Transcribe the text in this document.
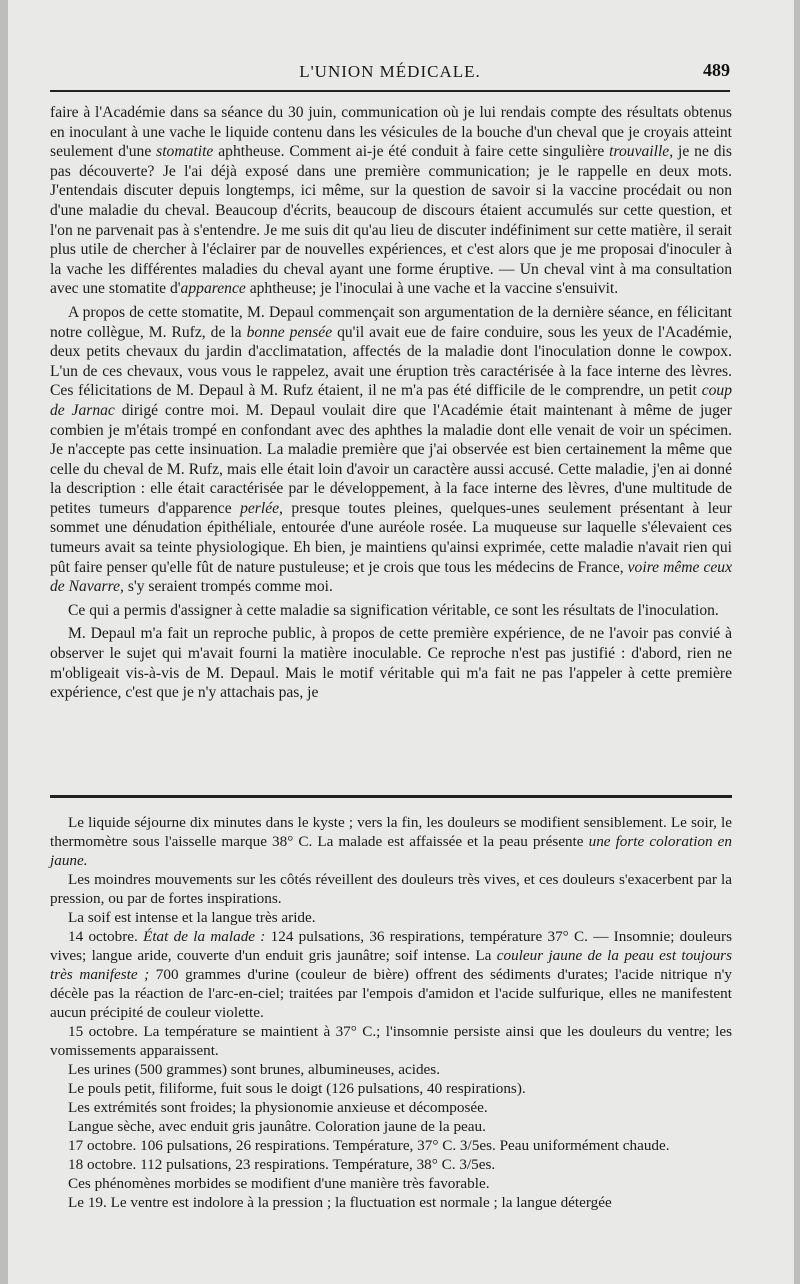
L'UNION MÉDICALE.	489

faire à l'Académie dans sa séance du 30 juin, communication où je lui rendais compte des résultats obtenus en inoculant à une vache le liquide contenu dans les vésicules de la bouche d'un cheval que je croyais atteint seulement d'une stomatite aphtheuse. Comment ai-je été conduit à faire cette singulière trouvaille, je ne dis pas découverte? Je l'ai déjà exposé dans une première communication; je le rappelle en deux mots. J'entendais discuter depuis longtemps, ici même, sur la question de savoir si la vaccine procédait ou non d'une maladie du cheval. Beaucoup d'écrits, beaucoup de discours étaient accumulés sur cette question, et l'on ne parvenait pas à s'entendre. Je me suis dit qu'au lieu de discuter indéfiniment sur cette matière, il serait plus utile de chercher à l'éclairer par de nouvelles expériences, et c'est alors que je me proposai d'inoculer à la vache les différentes maladies du cheval ayant une forme éruptive. — Un cheval vint à ma consultation avec une stomatite d'apparence aphtheuse; je l'inoculai à une vache et la vaccine s'ensuivit.

A propos de cette stomatite, M. Depaul commençait son argumentation de la dernière séance, en félicitant notre collègue, M. Rufz, de la bonne pensée qu'il avait eue de faire conduire, sous les yeux de l'Académie, deux petits chevaux du jardin d'acclimatation, affectés de la maladie dont l'inoculation donne le cowpox. L'un de ces chevaux, vous vous le rappelez, avait une éruption très caractérisée à la face interne des lèvres. Ces félicitations de M. Depaul à M. Rufz étaient, il ne m'a pas été difficile de le comprendre, un petit coup de Jarnac dirigé contre moi. M. Depaul voulait dire que l'Académie était maintenant à même de juger combien je m'étais trompé en confondant avec des aphthes la maladie dont elle venait de voir un spécimen. Je n'accepte pas cette insinuation. La maladie première que j'ai observée est bien certainement la même que celle du cheval de M. Rufz, mais elle était loin d'avoir un caractère aussi accusé. Cette maladie, j'en ai donné la description : elle était caractérisée par le développement, à la face interne des lèvres, d'une multitude de petites tumeurs d'apparence perlée, presque toutes pleines, quelques-unes seulement présentant à leur sommet une dénudation épithéliale, entourée d'une auréole rosée. La muqueuse sur laquelle s'élevaient ces tumeurs avait sa teinte physiologique. Eh bien, je maintiens qu'ainsi exprimée, cette maladie n'avait rien qui pût faire penser qu'elle fût de nature pustuleuse; et je crois que tous les médecins de France, voire même ceux de Navarre, s'y seraient trompés comme moi.

Ce qui a permis d'assigner à cette maladie sa signification véritable, ce sont les résultats de l'inoculation.

M. Depaul m'a fait un reproche public, à propos de cette première expérience, de ne l'avoir pas convié à observer le sujet qui m'avait fourni la matière inoculable. Ce reproche n'est pas justifié : d'abord, rien ne m'obligeait vis-à-vis de M. Depaul. Mais le motif véritable qui m'a fait ne pas l'appeler à cette première expérience, c'est que je n'y attachais pas, je

Le liquide séjourne dix minutes dans le kyste ; vers la fin, les douleurs se modifient sensiblement. Le soir, le thermomètre sous l'aisselle marque 38° C. La malade est affaissée et la peau présente une forte coloration en jaune.

Les moindres mouvements sur les côtés réveillent des douleurs très vives, et ces douleurs s'exacerbent par la pression, ou par de fortes inspirations.

La soif est intense et la langue très aride.

14 octobre. État de la malade : 124 pulsations, 36 respirations, température 37° C. — Insomnie; douleurs vives; langue aride, couverte d'un enduit gris jaunâtre; soif intense. La couleur jaune de la peau est toujours très manifeste ; 700 grammes d'urine (couleur de bière) offrent des sédiments d'urates; l'acide nitrique n'y décèle pas la réaction de l'arc-en-ciel; traitées par l'empois d'amidon et l'acide sulfurique, elles ne manifestent aucun précipité de couleur violette.

15 octobre. La température se maintient à 37° C.; l'insomnie persiste ainsi que les douleurs du ventre; les vomissements apparaissent.

Les urines (500 grammes) sont brunes, albumineuses, acides.

Le pouls petit, filiforme, fuit sous le doigt (126 pulsations, 40 respirations).

Les extrémités sont froides; la physionomie anxieuse et décomposée.

Langue sèche, avec enduit gris jaunâtre. Coloration jaune de la peau.

17 octobre. 106 pulsations, 26 respirations. Température, 37° C. 3/5es. Peau uniformément chaude.

18 octobre. 112 pulsations, 23 respirations. Température, 38° C. 3/5es.

Ces phénomènes morbides se modifient d'une manière très favorable.

Le 19. Le ventre est indolore à la pression ; la fluctuation est normale ; la langue détergée
